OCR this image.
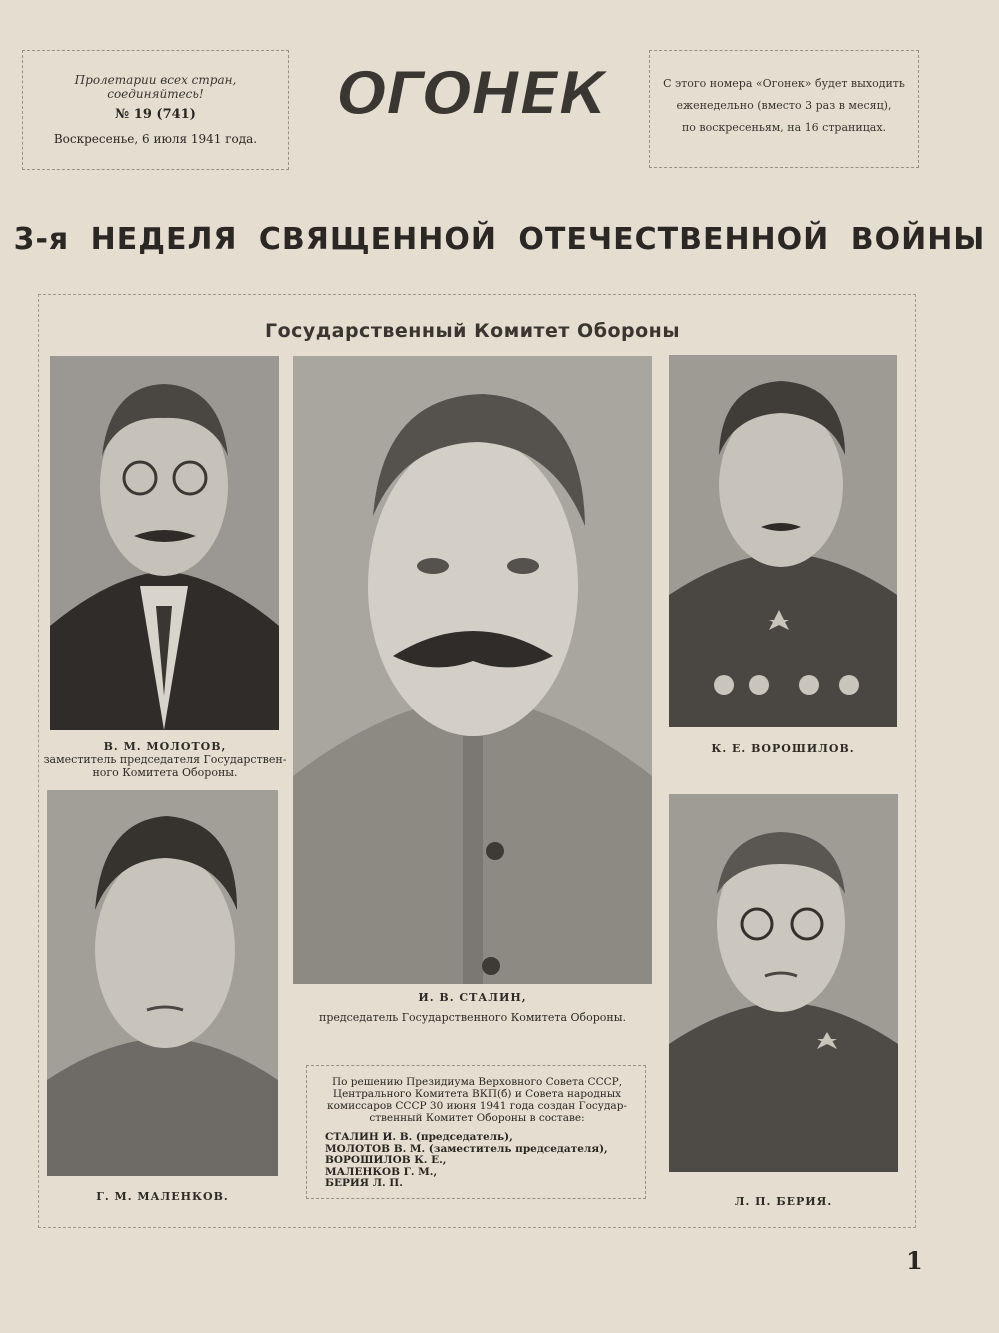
Пролетарии всех стран,
соединяйтесь!
№ 19 (741)
Воскресенье, 6 июля 1941 года.
ОГОНЕК	С этого номера «Огонек» будет выходить
еженедельно (вместо 3 раз в месяц),
по воскресеньям, на 16 страницах.
3-я НЕДЕЛЯ СВЯЩЕННОЙ ОТЕЧЕСТВЕННОЙ ВОЙНЫ
Государственный Комитет Обороны
В. М. МОЛОТОВ,
заместитель председателя Государствен-
ного Комитета Обороны.
И. В. СТАЛИН,
председатель Государственного Комитета Обороны.
К. Е. ВОРОШИЛОВ.
Г. М. МАЛЕНКОВ.	Л. П. БЕРИЯ.
По решению Президиума Верховного Совета СССР,
Центрального Комитета ВКП(б) и Совета народных
комиссаров СССР 30 июня 1941 года создан Государ-
ственный Комитет Обороны в составе:
СТАЛИН И. В. (председатель),
МОЛОТОВ В. М. (заместитель председателя),
ВОРОШИЛОВ К. Е.,
МАЛЕНКОВ Г. М.,
БЕРИЯ Л. П.
1
